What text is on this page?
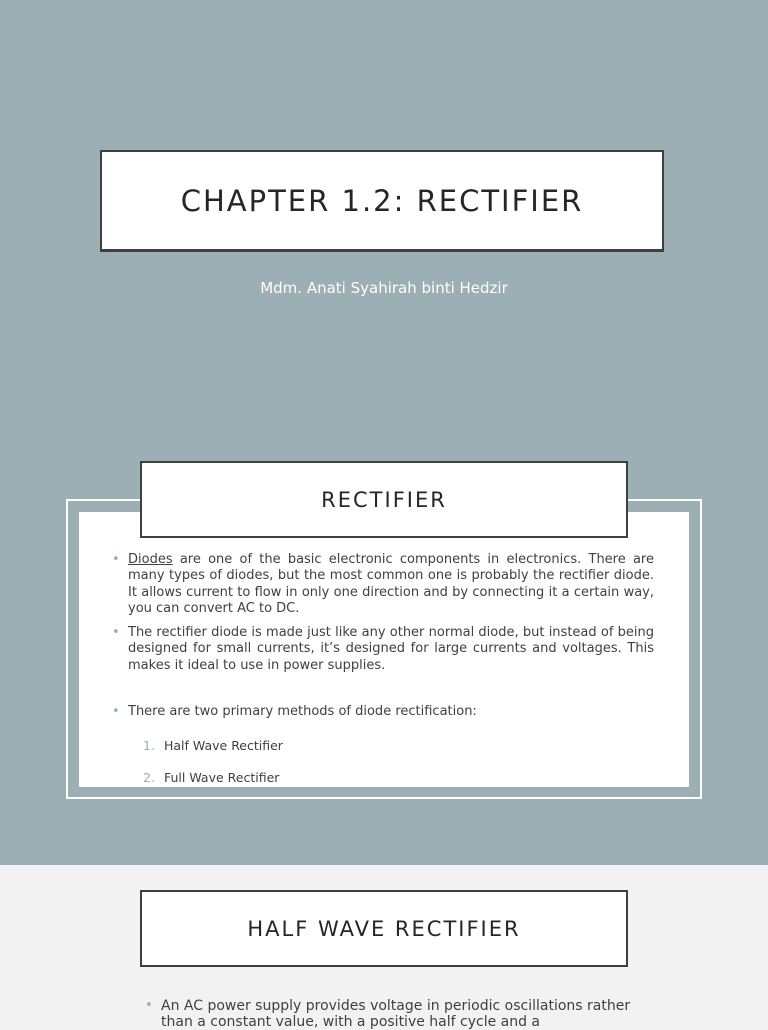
CHAPTER 1.2: RECTIFIER
Mdm. Anati Syahirah binti Hedzir
RECTIFIER
• Diodes are one of the basic electronic components in electronics. There are many types of diodes, but the most common one is probably the rectifier diode. It allows current to flow in only one direction and by connecting it a certain way, you can convert AC to DC.
• The rectifier diode is made just like any other normal diode, but instead of being designed for small currents, it’s designed for large currents and voltages. This makes it ideal to use in power supplies.
• There are two primary methods of diode rectification:
1. Half Wave Rectifier
2. Full Wave Rectifier
HALF WAVE RECTIFIER
• An AC power supply provides voltage in periodic oscillations rather than a constant value, with a positive half cycle and a
